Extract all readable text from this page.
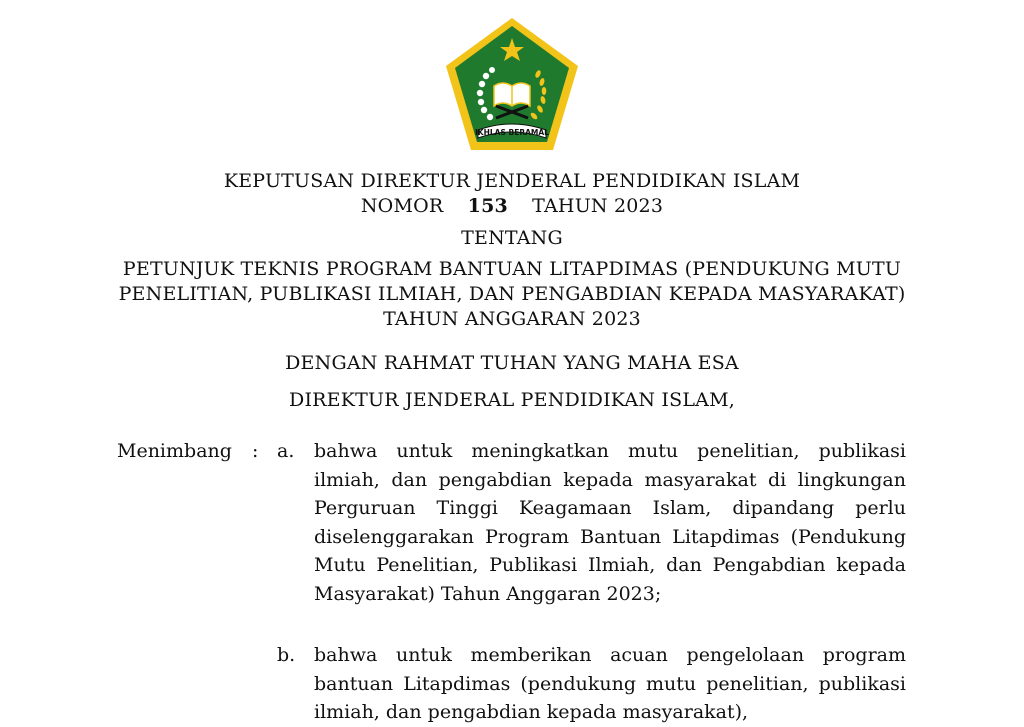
IKHLAS BERAMAL
KEPUTUSAN DIREKTUR JENDERAL PENDIDIKAN ISLAM
NOMOR 153 TAHUN 2023
TENTANG
PETUNJUK TEKNIS PROGRAM BANTUAN LITAPDIMAS (PENDUKUNG MUTU
PENELITIAN, PUBLIKASI ILMIAH, DAN PENGABDIAN KEPADA MASYARAKAT)
TAHUN ANGGARAN 2023
DENGAN RAHMAT TUHAN YANG MAHA ESA
DIREKTUR JENDERAL PENDIDIKAN ISLAM,
Menimbang : a. bahwa untuk meningkatkan mutu penelitian, publikasi ilmiah, dan pengabdian kepada masyarakat di lingkungan Perguruan Tinggi Keagamaan Islam, dipandang perlu diselenggarakan Program Bantuan Litapdimas (Pendukung Mutu Penelitian, Publikasi Ilmiah, dan Pengabdian kepada Masyarakat) Tahun Anggaran 2023;
b. bahwa untuk memberikan acuan pengelolaan program bantuan Litapdimas (pendukung mutu penelitian, publikasi ilmiah, dan pengabdian kepada masyarakat),
